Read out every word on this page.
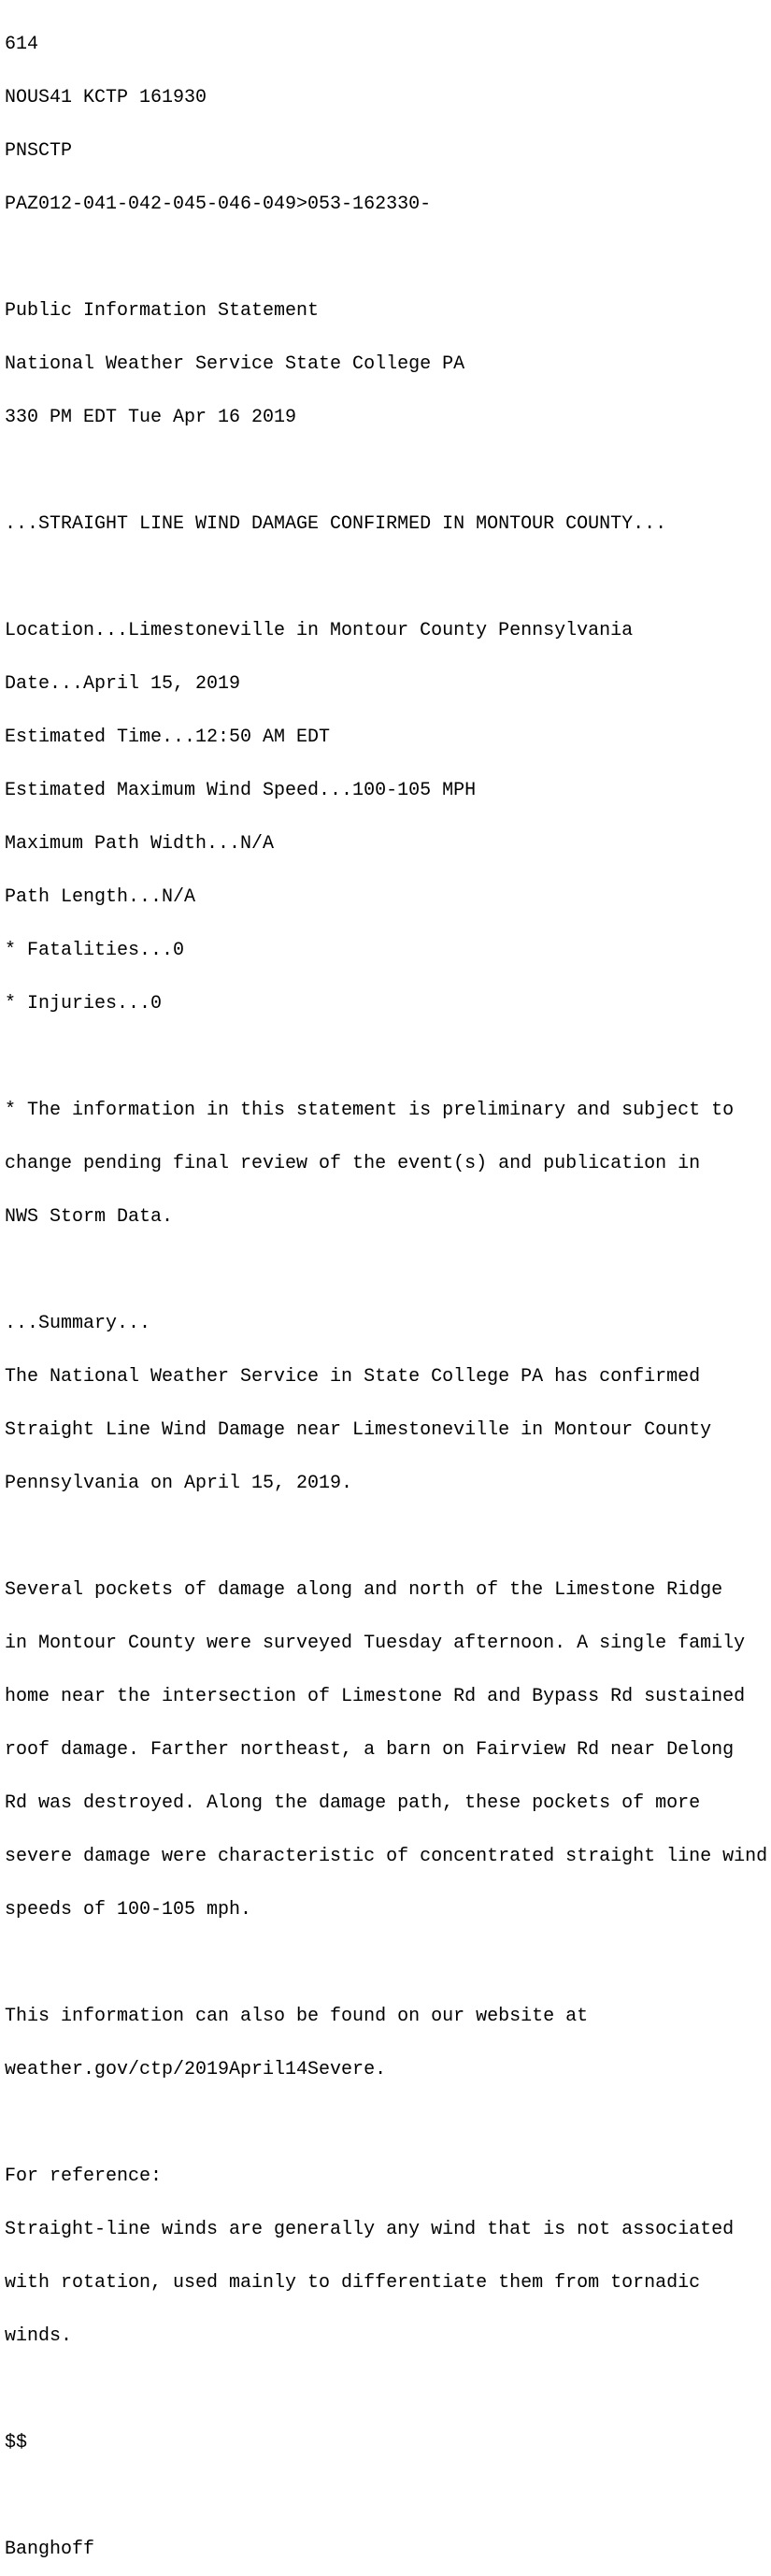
614

NOUS41 KCTP 161930

PNSCTP

PAZ012-041-042-045-046-049>053-162330-

Public Information Statement

National Weather Service State College PA

330 PM EDT Tue Apr 16 2019

...STRAIGHT LINE WIND DAMAGE CONFIRMED IN MONTOUR COUNTY...

Location...Limestoneville in Montour County Pennsylvania

Date...April 15, 2019

Estimated Time...12:50 AM EDT

Estimated Maximum Wind Speed...100-105 MPH

Maximum Path Width...N/A

Path Length...N/A

* Fatalities...0

* Injuries...0

* The information in this statement is preliminary and subject to

change pending final review of the event(s) and publication in

NWS Storm Data.

...Summary...

The National Weather Service in State College PA has confirmed

Straight Line Wind Damage near Limestoneville in Montour County

Pennsylvania on April 15, 2019.

Several pockets of damage along and north of the Limestone Ridge

in Montour County were surveyed Tuesday afternoon. A single family

home near the intersection of Limestone Rd and Bypass Rd sustained

roof damage. Farther northeast, a barn on Fairview Rd near Delong

Rd was destroyed. Along the damage path, these pockets of more

severe damage were characteristic of concentrated straight line wind

speeds of 100-105 mph.

This information can also be found on our website at

weather.gov/ctp/2019April14Severe.

For reference:

Straight-line winds are generally any wind that is not associated

with rotation, used mainly to differentiate them from tornadic

winds.

$$

Banghoff
